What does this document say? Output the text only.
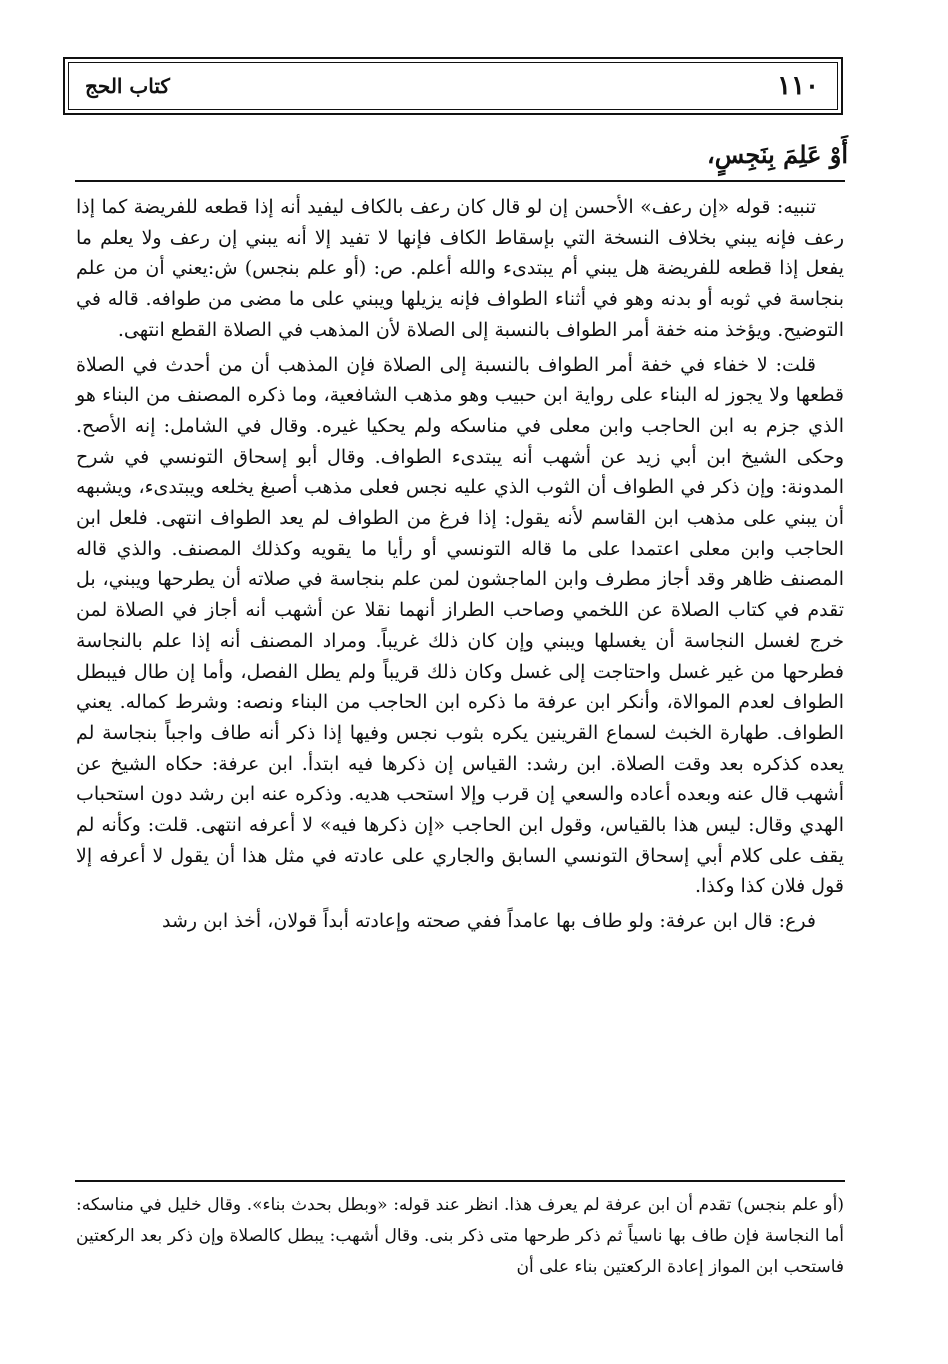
١١٠
كتاب الحج
أَوْ عَلِمَ بِنَجِسٍ،

تنبيه: قوله «إن رعف» الأحسن إن لو قال كان رعف بالكاف ليفيد أنه إذا قطعه للفريضة كما إذا رعف فإنه يبني بخلاف النسخة التي بإسقاط الكاف فإنها لا تفيد إلا أنه يبني إن رعف ولا يعلم ما يفعل إذا قطعه للفريضة هل يبني أم يبتدىء والله أعلم. ص: (أو علم بنجس) ش:يعني أن من علم بنجاسة في ثوبه أو بدنه وهو في أثناء الطواف فإنه يزيلها ويبني على ما مضى من طوافه. قاله في التوضيح. ويؤخذ منه خفة أمر الطواف بالنسبة إلى الصلاة لأن المذهب في الصلاة القطع انتهى.

قلت: لا خفاء في خفة أمر الطواف بالنسبة إلى الصلاة فإن المذهب أن من أحدث في الصلاة قطعها ولا يجوز له البناء على رواية ابن حبيب وهو مذهب الشافعية، وما ذكره المصنف من البناء هو الذي جزم به ابن الحاجب وابن معلى في مناسكه ولم يحكيا غيره. وقال في الشامل: إنه الأصح. وحكى الشيخ ابن أبي زيد عن أشهب أنه يبتدىء الطواف. وقال أبو إسحاق التونسي في شرح المدونة: وإن ذكر في الطواف أن الثوب الذي عليه نجس فعلى مذهب أصبغ يخلعه ويبتدىء، ويشبهه أن يبني على مذهب ابن القاسم لأنه يقول: إذا فرغ من الطواف لم يعد الطواف انتهى. فلعل ابن الحاجب وابن معلى اعتمدا على ما قاله التونسي أو رأيا ما يقويه وكذلك المصنف. والذي قاله المصنف ظاهر وقد أجاز مطرف وابن الماجشون لمن علم بنجاسة في صلاته أن يطرحها ويبني، بل تقدم في كتاب الصلاة عن اللخمي وصاحب الطراز أنهما نقلا عن أشهب أنه أجاز في الصلاة لمن خرج لغسل النجاسة أن يغسلها ويبني وإن كان ذلك غريباً. ومراد المصنف أنه إذا علم بالنجاسة فطرحها من غير غسل واحتاجت إلى غسل وكان ذلك قريباً ولم يطل الفصل، وأما إن طال فيبطل الطواف لعدم الموالاة، وأنكر ابن عرفة ما ذكره ابن الحاجب من البناء ونصه: وشرط كماله. يعني الطواف. طهارة الخبث لسماع القرينين يكره بثوب نجس وفيها إذا ذكر أنه طاف واجباً بنجاسة لم يعده كذكره بعد وقت الصلاة. ابن رشد: القياس إن ذكرها فيه ابتدأ. ابن عرفة: حكاه الشيخ عن أشهب قال عنه وبعده أعاده والسعي إن قرب وإلا استحب هديه. وذكره عنه ابن رشد دون استحباب الهدي وقال: ليس هذا بالقياس، وقول ابن الحاجب «إن ذكرها فيه» لا أعرفه انتهى. قلت: وكأنه لم يقف على كلام أبي إسحاق التونسي السابق والجاري على عادته في مثل هذا أن يقول لا أعرفه إلا قول فلان كذا وكذا.

فرع: قال ابن عرفة: ولو طاف بها عامداً ففي صحته وإعادته أبداً قولان، أخذ ابن رشد

(أو علم بنجس) تقدم أن ابن عرفة لم يعرف هذا. انظر عند قوله: «وبطل بحدث بناء». وقال خليل في مناسكه: أما النجاسة فإن طاف بها ناسياً ثم ذكر طرحها متى ذكر بنى. وقال أشهب: يبطل كالصلاة وإن ذكر بعد الركعتين فاستحب ابن المواز إعادة الركعتين بناء على أن
